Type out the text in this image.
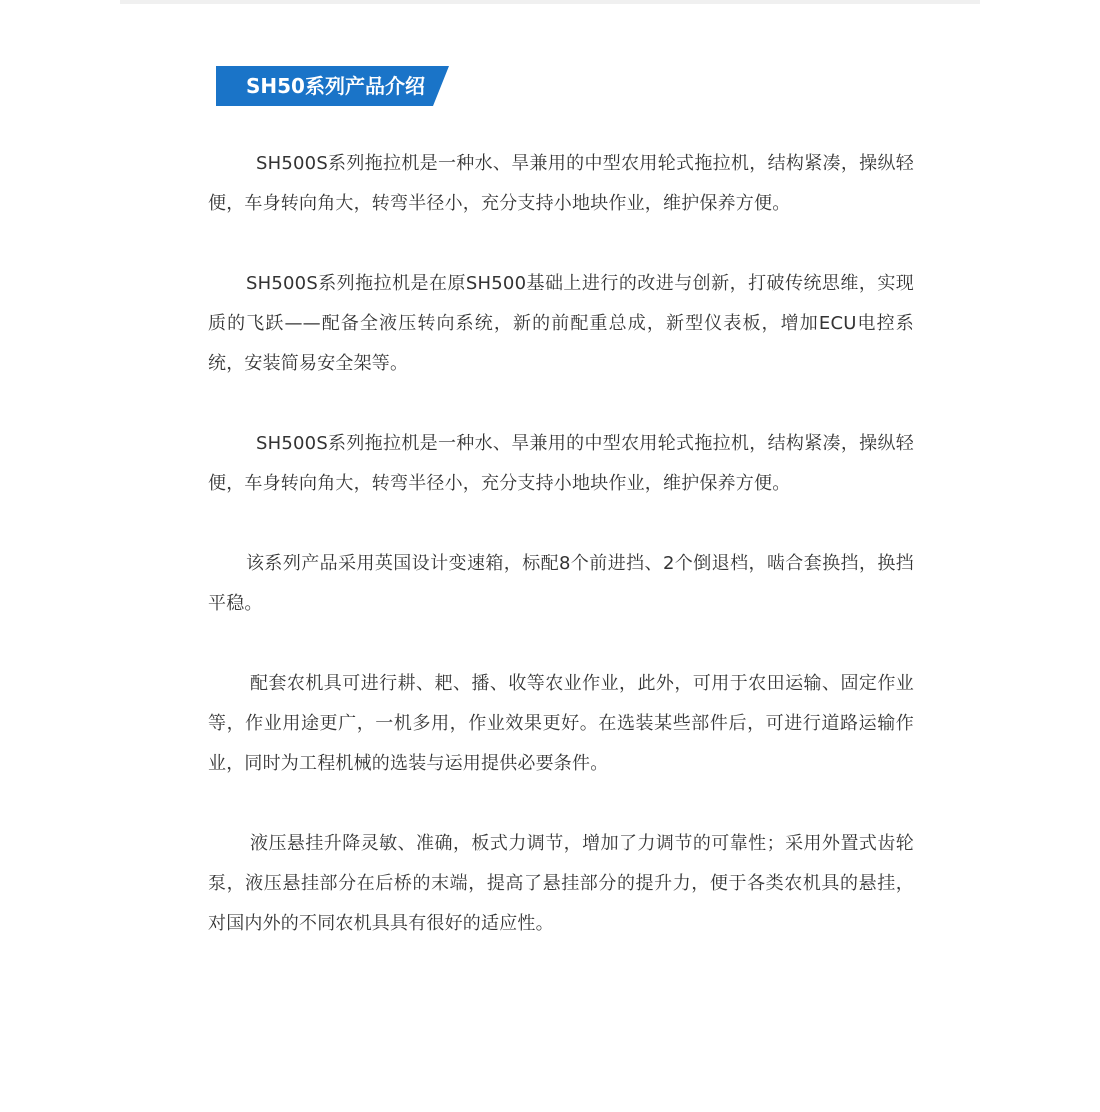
SH50系列产品介绍

SH500S系列拖拉机是一种水、旱兼用的中型农用轮式拖拉机，结构紧凑，操纵轻便，车身转向角大，转弯半径小，充分支持小地块作业，维护保养方便。

SH500S系列拖拉机是在原SH500基础上进行的改进与创新，打破传统思维，实现质的飞跃——配备全液压转向系统，新的前配重总成，新型仪表板，增加ECU电控系统，安装简易安全架等。

SH500S系列拖拉机是一种水、旱兼用的中型农用轮式拖拉机，结构紧凑，操纵轻便，车身转向角大，转弯半径小，充分支持小地块作业，维护保养方便。

该系列产品采用英国设计变速箱，标配8个前进挡、2个倒退档，啮合套换挡，换挡平稳。

配套农机具可进行耕、耙、播、收等农业作业，此外，可用于农田运输、固定作业等，作业用途更广，一机多用，作业效果更好。在选装某些部件后，可进行道路运输作业，同时为工程机械的选装与运用提供必要条件。

液压悬挂升降灵敏、准确，板式力调节，增加了力调节的可靠性；采用外置式齿轮泵，液压悬挂部分在后桥的末端，提高了悬挂部分的提升力，便于各类农机具的悬挂，对国内外的不同农机具具有很好的适应性。
